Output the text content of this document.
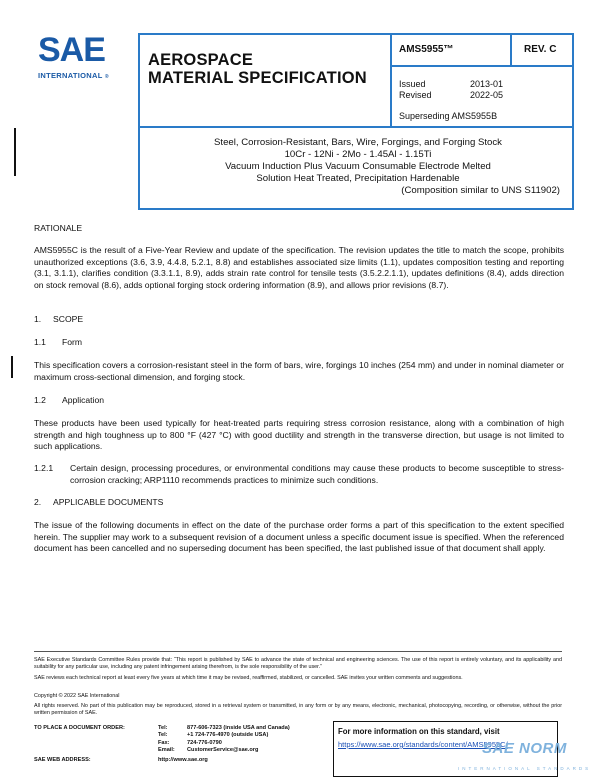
SAE
INTERNATIONAL ®
AEROSPACE
MATERIAL SPECIFICATION
AMS5955™	REV. C
Issued	2013-01
Revised	2022-05
Superseding AMS5955B
Steel, Corrosion-Resistant, Bars, Wire, Forgings, and Forging Stock
10Cr - 12Ni - 2Mo - 1.45Al - 1.15Ti
Vacuum Induction Plus Vacuum Consumable Electrode Melted
Solution Heat Treated, Precipitation Hardenable
(Composition similar to UNS S11902)
RATIONALE
AMS5955C is the result of a Five-Year Review and update of the specification. The revision updates the title to match the scope, prohibits unauthorized exceptions (3.6, 3.9, 4.4.8, 5.2.1, 8.8) and establishes associated size limits (1.1), updates composition testing and reporting (3.1, 3.1.1), clarifies condition (3.3.1.1, 8.9), adds strain rate control for tensile tests (3.5.2.2.1.1), updates definitions (8.4), adds direction on stock removal (8.6), adds optional forging stock ordering information (8.9), and allows prior revisions (8.7).
1. SCOPE
1.1 Form
This specification covers a corrosion-resistant steel in the form of bars, wire, forgings 10 inches (254 mm) and under in nominal diameter or maximum cross-sectional dimension, and forging stock.
1.2 Application
These products have been used typically for heat-treated parts requiring stress corrosion resistance, along with a combination of high strength and high toughness up to 800 °F (427 °C) with good ductility and strength in the transverse direction, but usage is not limited to such applications.
1.2.1 Certain design, processing procedures, or environmental conditions may cause these products to become susceptible to stress-corrosion cracking; ARP1110 recommends practices to minimize such conditions.
2. APPLICABLE DOCUMENTS
The issue of the following documents in effect on the date of the purchase order forms a part of this specification to the extent specified herein. The supplier may work to a subsequent revision of a document unless a specific document issue is specified. When the referenced document has been cancelled and no superseding document has been specified, the last published issue of that document shall apply.
SAE Executive Standards Committee Rules provide that: “This report is published by SAE to advance the state of technical and engineering sciences. The use of this report is entirely voluntary, and its applicability and suitability for any particular use, including any patent infringement arising therefrom, is the sole responsibility of the user.”
SAE reviews each technical report at least every five years at which time it may be revised, reaffirmed, stabilized, or cancelled. SAE invites your written comments and suggestions.
Copyright © 2022 SAE International
All rights reserved. No part of this publication may be reproduced, stored in a retrieval system or transmitted, in any form or by any means, electronic, mechanical, photocopying, recording, or otherwise, without the prior written permission of SAE.
TO PLACE A DOCUMENT ORDER:	Tel:	877-606-7323 (inside USA and Canada)
Tel:	+1 724-776-4970 (outside USA)
Fax:	724-776-0790
Email: CustomerService@sae.org
SAE WEB ADDRESS:	http://www.sae.org
For more information on this standard, visit
https://www.sae.org/standards/content/AMS5955C/
SAE NORM
INTERNATIONAL STANDARDS
